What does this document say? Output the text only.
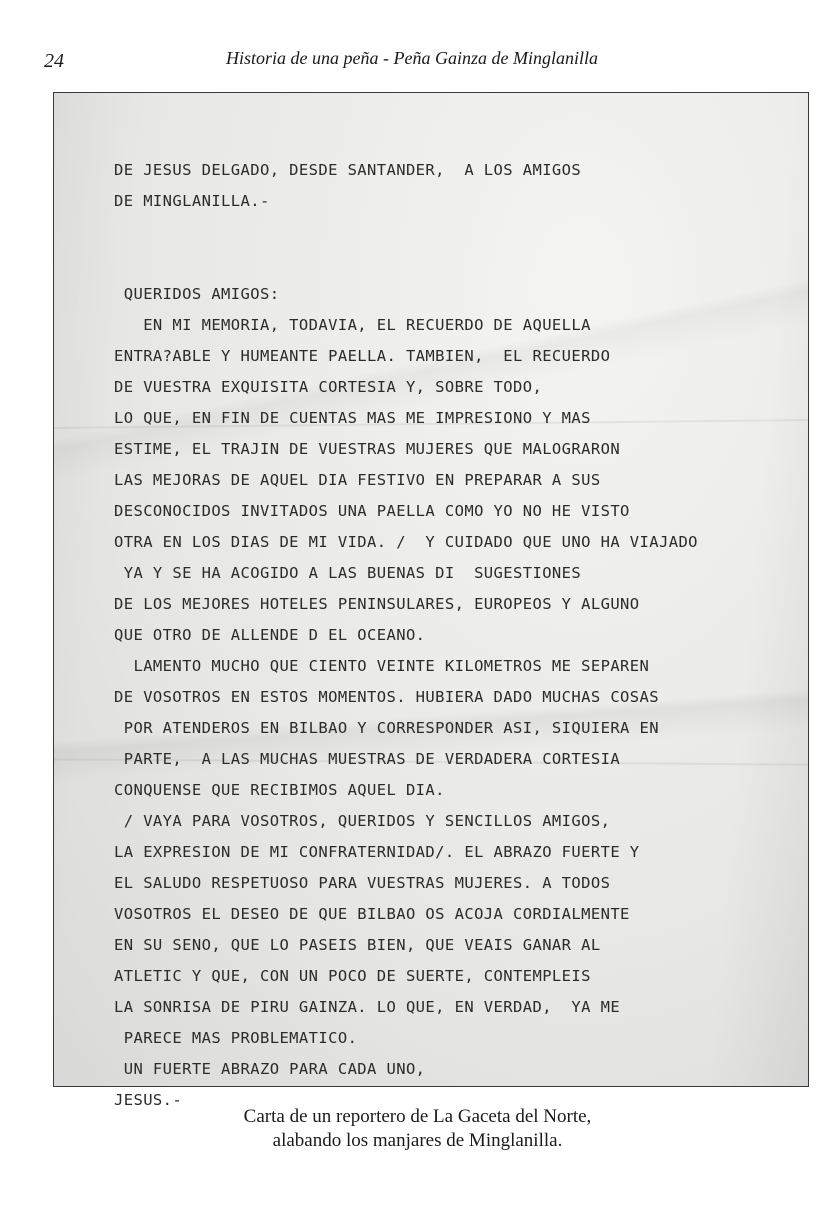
24	Historia de una peña - Peña Gainza de Minglanilla
DE JESUS DELGADO, DESDE SANTANDER,  A LOS AMIGOS
DE MINGLANILLA.-
QUERIDOS AMIGOS:
EN MI MEMORIA, TODAVIA, EL RECUERDO DE AQUELLA
ENTRA?ABLE Y HUMEANTE PAELLA. TAMBIEN,  EL RECUERDO
DE VUESTRA EXQUISITA CORTESIA Y, SOBRE TODO,
LO QUE, EN FIN DE CUENTAS MAS ME IMPRESIONO Y MAS
ESTIME, EL TRAJIN DE VUESTRAS MUJERES QUE MALOGRARON
LAS MEJORAS DE AQUEL DIA FESTIVO EN PREPARAR A SUS
DESCONOCIDOS INVITADOS UNA PAELLA COMO YO NO HE VISTO
OTRA EN LOS DIAS DE MI VIDA. /  Y CUIDADO QUE UNO HA VIAJADO
YA Y SE HA ACOGIDO A LAS BUENAS DI  SUGESTIONES
DE LOS MEJORES HOTELES PENINSULARES, EUROPEOS Y ALGUNO
QUE OTRO DE ALLENDE D EL OCEANO.
LAMENTO MUCHO QUE CIENTO VEINTE KILOMETROS ME SEPAREN
DE VOSOTROS EN ESTOS MOMENTOS. HUBIERA DADO MUCHAS COSAS
POR ATENDEROS EN BILBAO Y CORRESPONDER ASI, SIQUIERA EN
PARTE,  A LAS MUCHAS MUESTRAS DE VERDADERA CORTESIA
CONQUENSE QUE RECIBIMOS AQUEL DIA.
/ VAYA PARA VOSOTROS, QUERIDOS Y SENCILLOS AMIGOS,
LA EXPRESION DE MI CONFRATERNIDAD/. EL ABRAZO FUERTE Y
EL SALUDO RESPETUOSO PARA VUESTRAS MUJERES. A TODOS
VOSOTROS EL DESEO DE QUE BILBAO OS ACOJA CORDIALMENTE
EN SU SENO, QUE LO PASEIS BIEN, QUE VEAIS GANAR AL
ATLETIC Y QUE, CON UN POCO DE SUERTE, CONTEMPLEIS
LA SONRISA DE PIRU GAINZA. LO QUE, EN VERDAD,  YA ME
PARECE MAS PROBLEMATICO.
UN FUERTE ABRAZO PARA CADA UNO,
JESUS.-
Carta de un reportero de La Gaceta del Norte,
alabando los manjares de Minglanilla.
